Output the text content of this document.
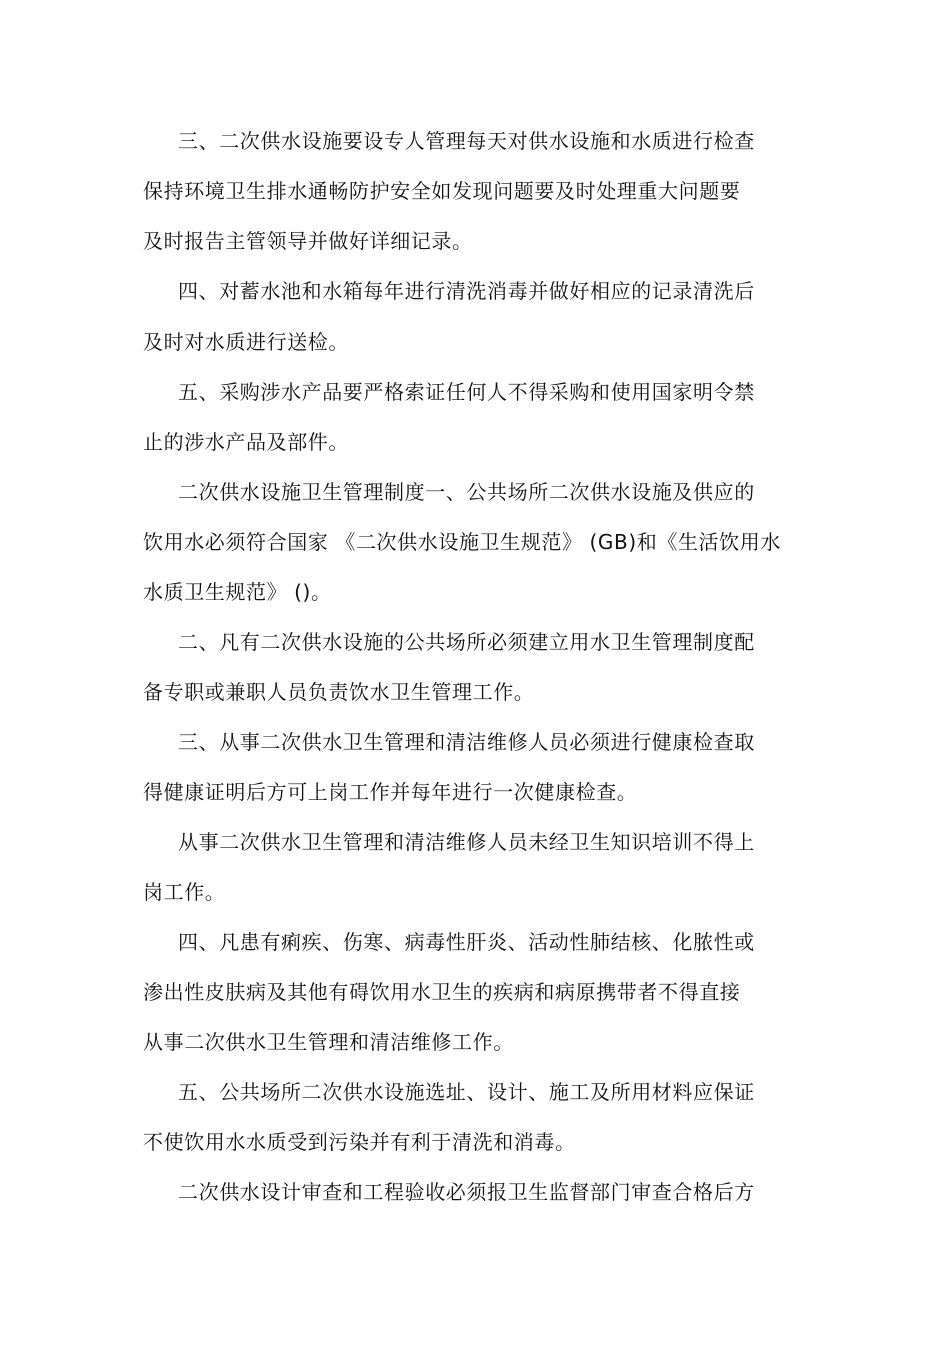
三、二次供水设施要设专人管理每天对供水设施和水质进行检查
保持环境卫生排水通畅防护安全如发现问题要及时处理重大问题要
及时报告主管领导并做好详细记录。
四、对蓄水池和水箱每年进行清洗消毒并做好相应的记录清洗后
及时对水质进行送检。
五、采购涉水产品要严格索证任何人不得采购和使用国家明令禁
止的涉水产品及部件。
二次供水设施卫生管理制度一、公共场所二次供水设施及供应的
饮用水必须符合国家 《二次供水设施卫生规范》 (GB)和《生活饮用水
水质卫生规范》 ()。
二、凡有二次供水设施的公共场所必须建立用水卫生管理制度配
备专职或兼职人员负责饮水卫生管理工作。
三、从事二次供水卫生管理和清洁维修人员必须进行健康检查取
得健康证明后方可上岗工作并每年进行一次健康检查。
从事二次供水卫生管理和清洁维修人员未经卫生知识培训不得上
岗工作。
四、凡患有痢疾、伤寒、病毒性肝炎、活动性肺结核、化脓性或
渗出性皮肤病及其他有碍饮用水卫生的疾病和病原携带者不得直接
从事二次供水卫生管理和清洁维修工作。
五、公共场所二次供水设施选址、设计、施工及所用材料应保证
不使饮用水水质受到污染并有利于清洗和消毒。
二次供水设计审查和工程验收必须报卫生监督部门审查合格后方
